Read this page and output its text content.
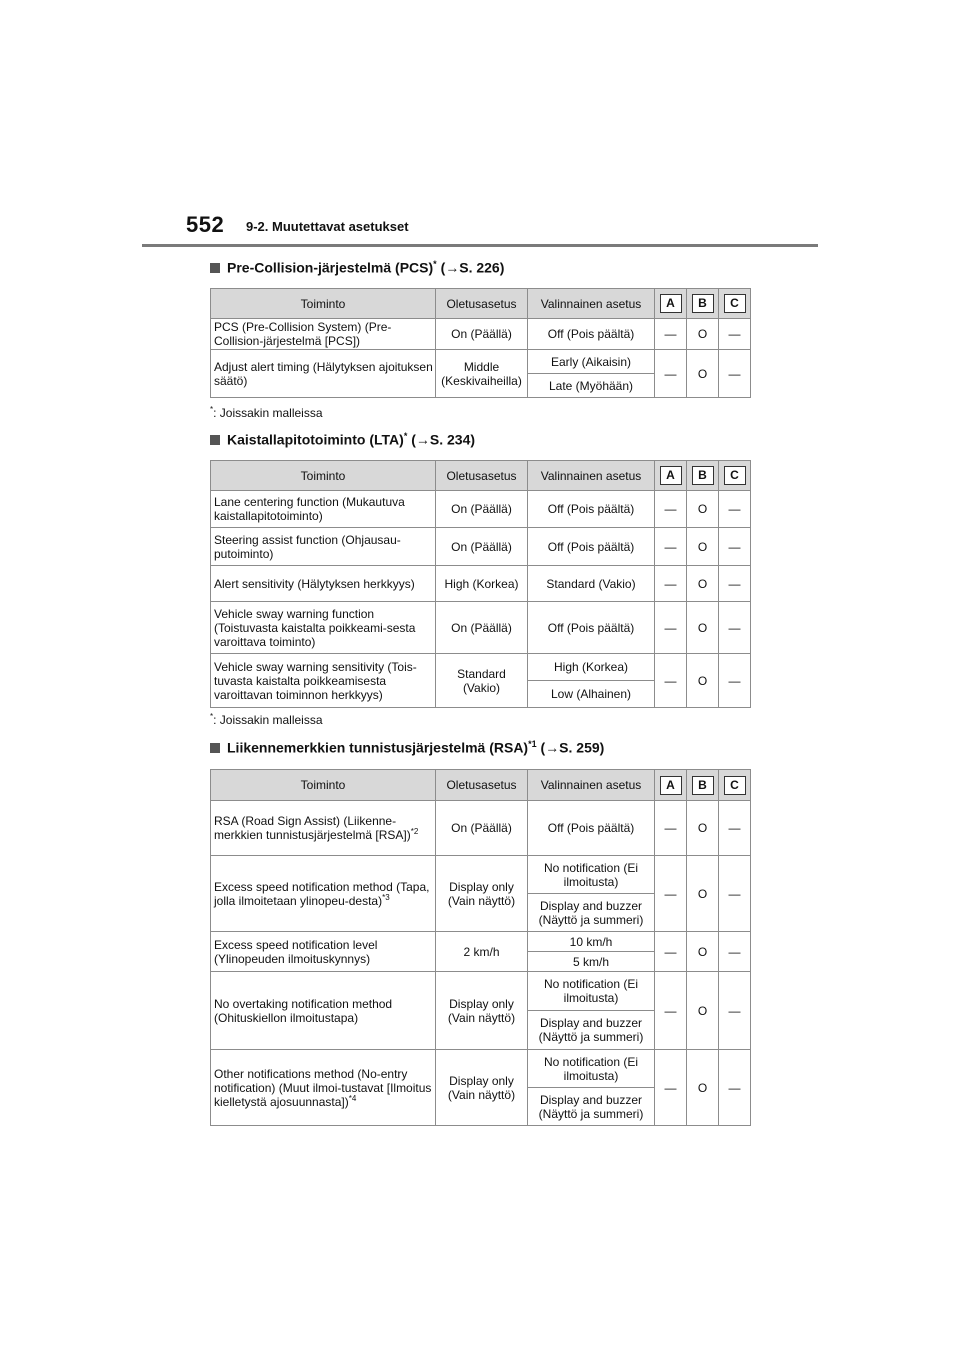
552 9-2. Muutettavat asetukset
Pre-Collision-järjestelmä (PCS)* (→S. 226)
Toiminto	Oletusasetus	Valinnainen asetus	A	B	C
PCS (Pre-Collision System) (Pre-Collision-järjestelmä [PCS])	On (Päällä)	Off (Pois päältä)	—	O	—
Adjust alert timing (Hälytyksen ajoituksen säätö)	Middle (Keskivaiheilla)	Early (Aikaisin)	—	O	—
		Late (Myöhään)			
*: Joissakin malleissa
Kaistallapitotoiminto (LTA)* (→S. 234)
Toiminto	Oletusasetus	Valinnainen asetus	A	B	C
Lane centering function (Mukautuva kaistallapitotoiminto)	On (Päällä)	Off (Pois päältä)	—	O	—
Steering assist function (Ohjausau-putoiminto)	On (Päällä)	Off (Pois päältä)	—	O	—
Alert sensitivity (Hälytyksen herkkyys)	High (Korkea)	Standard (Vakio)	—	O	—
Vehicle sway warning function (Toistuvasta kaistalta poikkeami-sesta varoittava toiminto)	On (Päällä)	Off (Pois päältä)	—	O	—
Vehicle sway warning sensitivity (Tois-tuvasta kaistalta poikkeamisesta varoittavan toiminnon herkkyys)	Standard (Vakio)	High (Korkea)	—	O	—
		Low (Alhainen)			
*: Joissakin malleissa
Liikennemerkkien tunnistusjärjestelmä (RSA)$^{*1}$ (→S. 259)
Toiminto	Oletusasetus	Valinnainen asetus	A	B	C
RSA (Road Sign Assist) (Liikenne-merkkien tunnistusjärjestelmä [RSA])$^{*2}$	On (Päällä)	Off (Pois päältä)	—	O	—
Excess speed notification method (Tapa, jolla ilmoitetaan ylinopeu-desta)$^{*3}$	Display only (Vain näyttö)	No notification (Ei ilmoitusta)	—	O	—
		Display and buzzer (Näyttö ja summeri)			
Excess speed notification level (Ylinopeuden ilmoituskynnys)	2 km/h	10 km/h	—	O	—
		5 km/h			
No overtaking notification method (Ohituskiellon ilmoitustapa)	Display only (Vain näyttö)	No notification (Ei ilmoitusta)	—	O	—
		Display and buzzer (Näyttö ja summeri)			
Other notifications method (No-entry notification) (Muut ilmoi-tustavat [Ilmoitus kielletystä ajosuunnasta])$^{*4}$	Display only (Vain näyttö)	No notification (Ei ilmoitusta)	—	O	—
		Display and buzzer (Näyttö ja summeri)			
